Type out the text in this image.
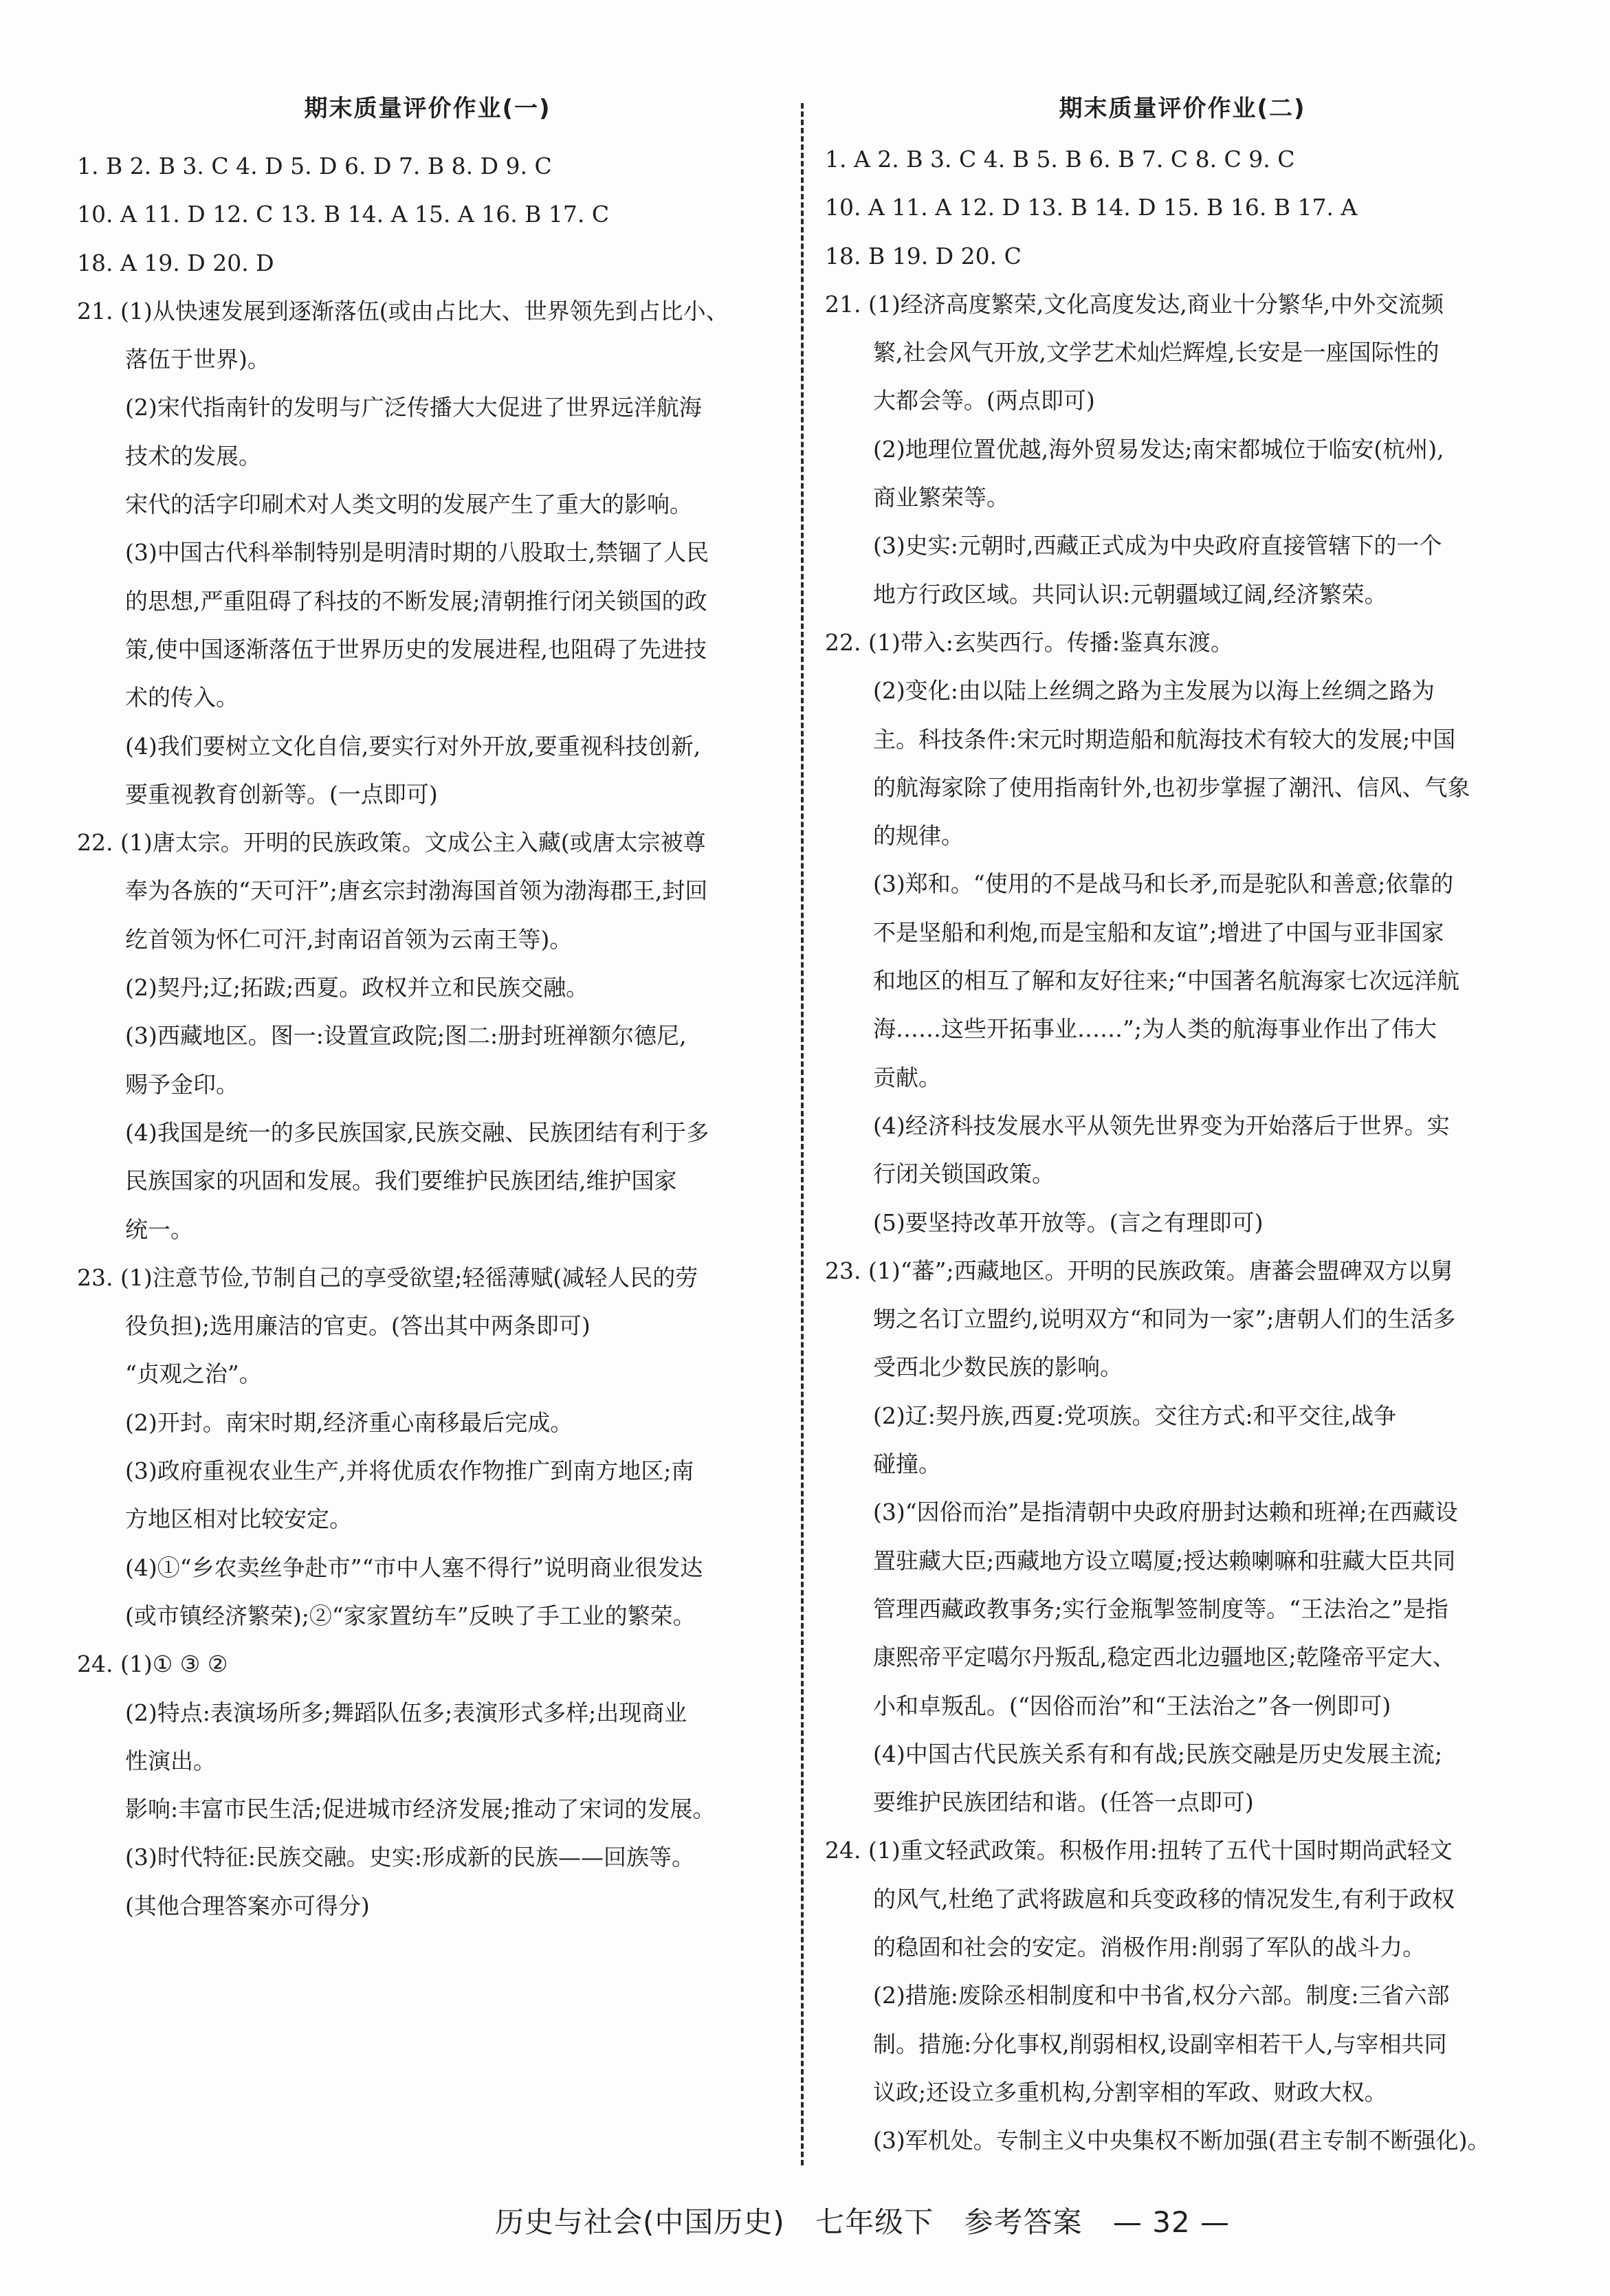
期末质量评价作业(一)
1. B 2. B 3. C 4. D 5. D 6. D 7. B 8. D 9. C
10. A 11. D 12. C 13. B 14. A 15. A 16. B 17. C
18. A 19. D 20. D
21. (1)从快速发展到逐渐落伍(或由占比大、世界领先到占比小、
落伍于世界)。
(2)宋代指南针的发明与广泛传播大大促进了世界远洋航海
技术的发展。
宋代的活字印刷术对人类文明的发展产生了重大的影响。
(3)中国古代科举制特别是明清时期的八股取士,禁锢了人民
的思想,严重阻碍了科技的不断发展;清朝推行闭关锁国的政
策,使中国逐渐落伍于世界历史的发展进程,也阻碍了先进技
术的传入。
(4)我们要树立文化自信,要实行对外开放,要重视科技创新,
要重视教育创新等。(一点即可)
22. (1)唐太宗。开明的民族政策。文成公主入藏(或唐太宗被尊
奉为各族的“天可汗”;唐玄宗封渤海国首领为渤海郡王,封回
纥首领为怀仁可汗,封南诏首领为云南王等)。
(2)契丹;辽;拓跋;西夏。政权并立和民族交融。
(3)西藏地区。图一:设置宣政院;图二:册封班禅额尔德尼,
赐予金印。
(4)我国是统一的多民族国家,民族交融、民族团结有利于多
民族国家的巩固和发展。我们要维护民族团结,维护国家
统一。
23. (1)注意节俭,节制自己的享受欲望;轻徭薄赋(减轻人民的劳
役负担);选用廉洁的官吏。(答出其中两条即可)
“贞观之治”。
(2)开封。南宋时期,经济重心南移最后完成。
(3)政府重视农业生产,并将优质农作物推广到南方地区;南
方地区相对比较安定。
(4)①“乡农卖丝争赴市”“市中人塞不得行”说明商业很发达
(或市镇经济繁荣);②“家家置纺车”反映了手工业的繁荣。
24. (1)① ③ ②
(2)特点:表演场所多;舞蹈队伍多;表演形式多样;出现商业
性演出。
影响:丰富市民生活;促进城市经济发展;推动了宋词的发展。
(3)时代特征:民族交融。史实:形成新的民族——回族等。
(其他合理答案亦可得分)
期末质量评价作业(二)
1. A 2. B 3. C 4. B 5. B 6. B 7. C 8. C 9. C
10. A 11. A 12. D 13. B 14. D 15. B 16. B 17. A
18. B 19. D 20. C
21. (1)经济高度繁荣,文化高度发达,商业十分繁华,中外交流频
繁,社会风气开放,文学艺术灿烂辉煌,长安是一座国际性的
大都会等。(两点即可)
(2)地理位置优越,海外贸易发达;南宋都城位于临安(杭州),
商业繁荣等。
(3)史实:元朝时,西藏正式成为中央政府直接管辖下的一个
地方行政区域。共同认识:元朝疆域辽阔,经济繁荣。
22. (1)带入:玄奘西行。传播:鉴真东渡。
(2)变化:由以陆上丝绸之路为主发展为以海上丝绸之路为
主。科技条件:宋元时期造船和航海技术有较大的发展;中国
的航海家除了使用指南针外,也初步掌握了潮汛、信风、气象
的规律。
(3)郑和。“使用的不是战马和长矛,而是驼队和善意;依靠的
不是坚船和利炮,而是宝船和友谊”;增进了中国与亚非国家
和地区的相互了解和友好往来;“中国著名航海家七次远洋航
海……这些开拓事业……”;为人类的航海事业作出了伟大
贡献。
(4)经济科技发展水平从领先世界变为开始落后于世界。实
行闭关锁国政策。
(5)要坚持改革开放等。(言之有理即可)
23. (1)“蕃”;西藏地区。开明的民族政策。唐蕃会盟碑双方以舅
甥之名订立盟约,说明双方“和同为一家”;唐朝人们的生活多
受西北少数民族的影响。
(2)辽:契丹族,西夏:党项族。交往方式:和平交往,战争
碰撞。
(3)“因俗而治”是指清朝中央政府册封达赖和班禅;在西藏设
置驻藏大臣;西藏地方设立噶厦;授达赖喇嘛和驻藏大臣共同
管理西藏政教事务;实行金瓶掣签制度等。“王法治之”是指
康熙帝平定噶尔丹叛乱,稳定西北边疆地区;乾隆帝平定大、
小和卓叛乱。(“因俗而治”和“王法治之”各一例即可)
(4)中国古代民族关系有和有战;民族交融是历史发展主流;
要维护民族团结和谐。(任答一点即可)
24. (1)重文轻武政策。积极作用:扭转了五代十国时期尚武轻文
的风气,杜绝了武将跋扈和兵变政移的情况发生,有利于政权
的稳固和社会的安定。消极作用:削弱了军队的战斗力。
(2)措施:废除丞相制度和中书省,权分六部。制度:三省六部
制。措施:分化事权,削弱相权,设副宰相若干人,与宰相共同
议政;还设立多重机构,分割宰相的军政、财政大权。
(3)军机处。专制主义中央集权不断加强(君主专制不断强化)。
历史与社会(中国历史) 七年级下 参考答案 — 32 —
